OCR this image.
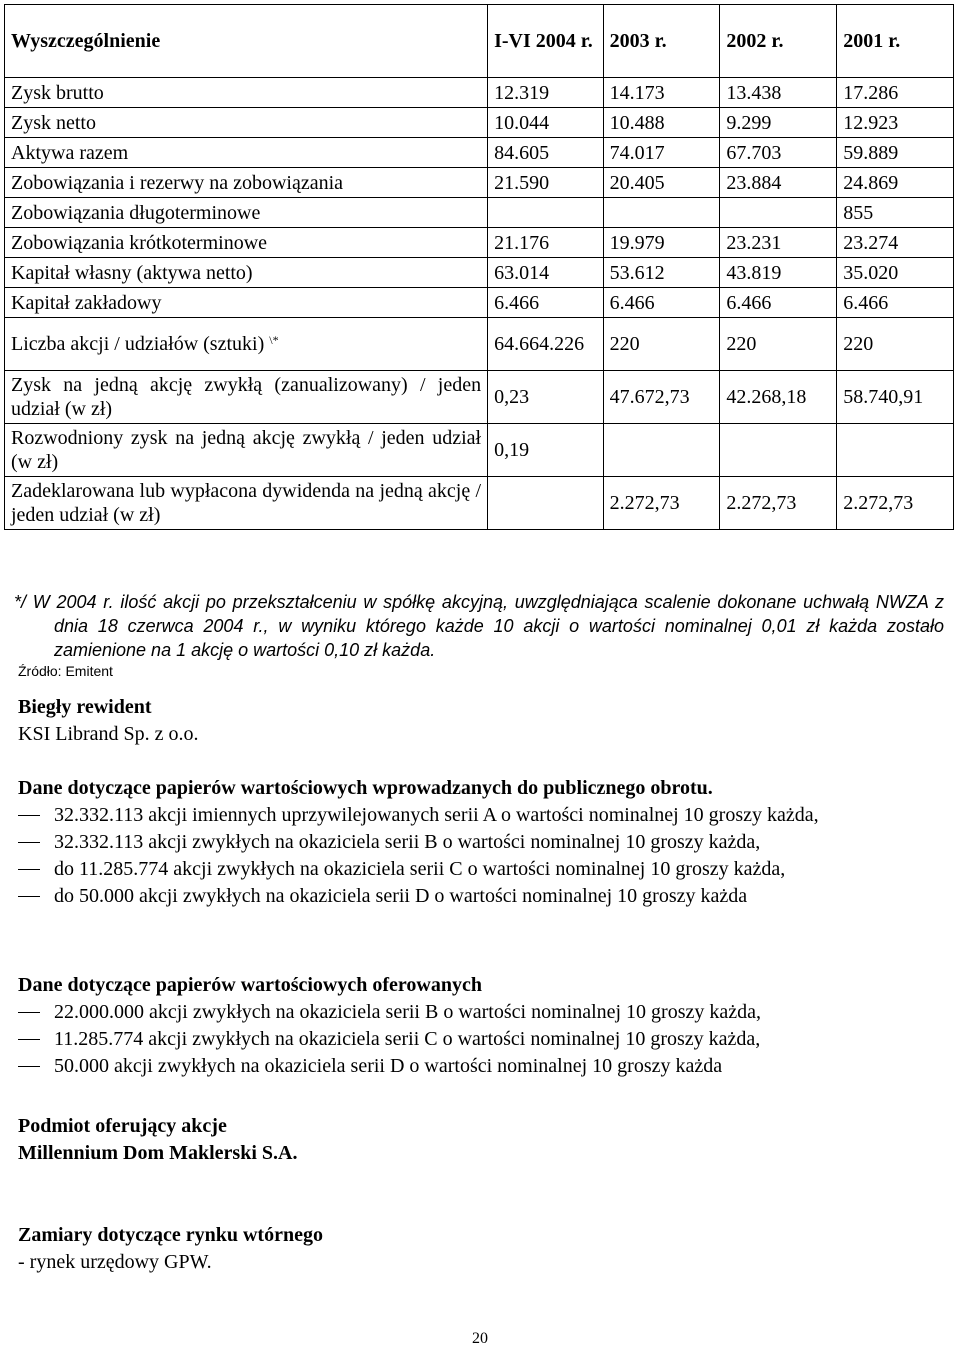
Wyszczególnienie	I-VI 2004 r.	2003 r.	2002 r.	2001 r.
Zysk brutto	12.319	14.173	13.438	17.286
Zysk netto	10.044	10.488	9.299	12.923
Aktywa razem	84.605	74.017	67.703	59.889
Zobowiązania i rezerwy na zobowiązania	21.590	20.405	23.884	24.869
Zobowiązania długoterminowe				855
Zobowiązania krótkoterminowe	21.176	19.979	23.231	23.274
Kapitał własny (aktywa netto)	63.014	53.612	43.819	35.020
Kapitał zakładowy	6.466	6.466	6.466	6.466
Liczba akcji / udziałów (sztuki) \*	64.664.226	220	220	220
Zysk na jedną akcję zwykłą (zanualizowany) / jeden udział (w zł)	0,23	47.672,73	42.268,18	58.740,91
Rozwodniony zysk na jedną akcję zwykłą / jeden udział (w zł)	0,19			
Zadeklarowana lub wypłacona dywidenda na jedną akcję / jeden udział (w zł)		2.272,73	2.272,73	2.272,73
*/ W 2004 r. ilość akcji po przekształceniu w spółkę akcyjną, uwzględniająca scalenie dokonane uchwałą NWZA z dnia 18 czerwca 2004 r., w wyniku którego każde 10 akcji o wartości nominalnej 0,01 zł każda zostało zamienione na 1 akcję o wartości 0,10 zł każda.
Źródło: Emitent
Biegły rewident
KSI Librand Sp. z o.o.
Dane dotyczące papierów wartościowych wprowadzanych do publicznego obrotu.
32.332.113 akcji imiennych uprzywilejowanych serii A o wartości nominalnej 10 groszy każda,
32.332.113 akcji zwykłych na okaziciela serii B o wartości nominalnej 10 groszy każda,
do 11.285.774 akcji zwykłych na okaziciela serii C o wartości nominalnej 10 groszy każda,
do 50.000 akcji zwykłych na okaziciela serii D o wartości nominalnej 10 groszy każda
Dane dotyczące papierów wartościowych oferowanych
22.000.000 akcji zwykłych na okaziciela serii B o wartości nominalnej 10 groszy każda,
11.285.774 akcji zwykłych na okaziciela serii C o wartości nominalnej 10 groszy każda,
50.000 akcji zwykłych na okaziciela serii D o wartości nominalnej 10 groszy każda
Podmiot oferujący akcje
Millennium Dom Maklerski S.A.
Zamiary dotyczące rynku wtórnego
- rynek urzędowy GPW.
20
